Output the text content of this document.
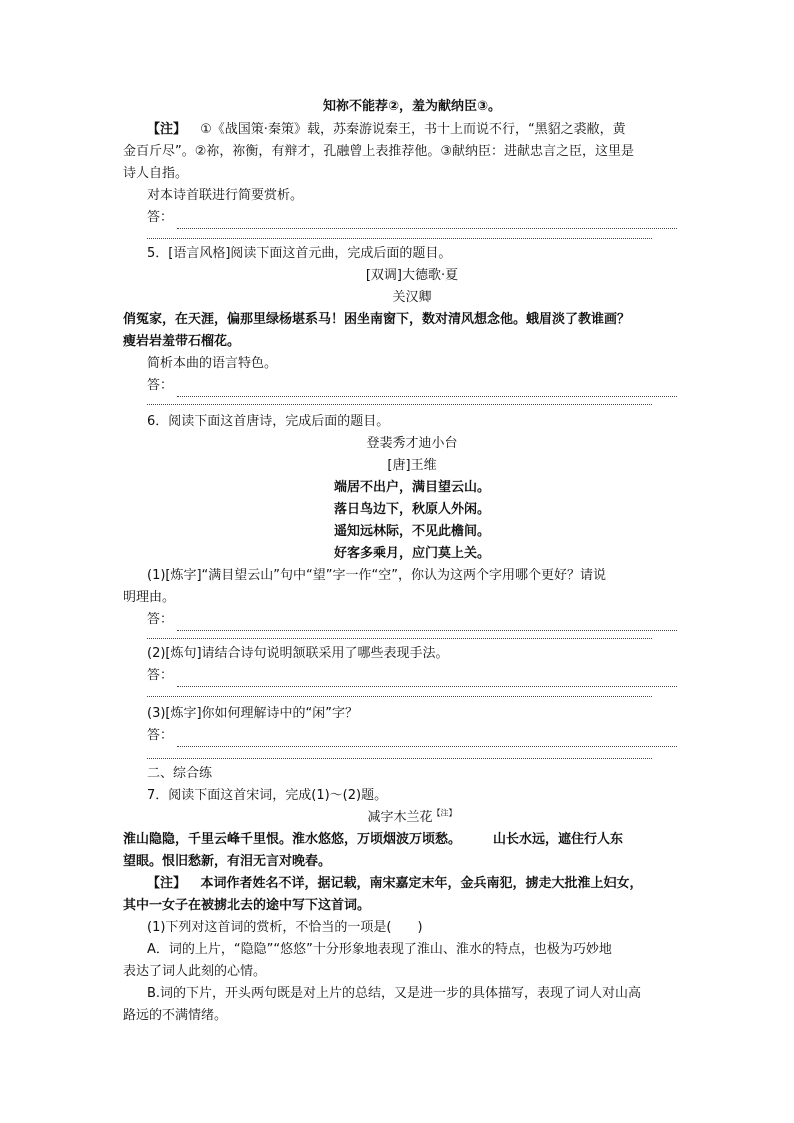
知祢不能荐②，羞为献纳臣③。
【注】 ①《战国策·秦策》载，苏秦游说秦王，书十上而说不行，“黑貂之裘敝，黄
金百斤尽”。②祢，祢衡，有辩才，孔融曾上表推荐他。③献纳臣：进献忠言之臣，这里是
诗人自指。
对本诗首联进行简要赏析。
答：
5．[语言风格]阅读下面这首元曲，完成后面的题目。
[双调]大德歌·夏
关汉卿
俏冤家，在天涯，偏那里绿杨堪系马！困坐南窗下，数对清风想念他。蛾眉淡了教谁画？
瘦岩岩羞带石榴花。
简析本曲的语言特色。
答：
6．阅读下面这首唐诗，完成后面的题目。
登裴秀才迪小台
[唐]王维
端居不出户，满目望云山。
落日鸟边下，秋原人外闲。
遥知远林际，不见此檐间。
好客多乘月，应门莫上关。
(1)[炼字]“满目望云山”句中“望”字一作“空”，你认为这两个字用哪个更好？请说
明理由。
答：
(2)[炼句]请结合诗句说明颔联采用了哪些表现手法。
答：
(3)[炼字]你如何理解诗中的“闲”字？
答：
二、综合练
7．阅读下面这首宋词，完成(1)～(2)题。
减字木兰花$^{【注】}$
淮山隐隐，千里云峰千里恨。淮水悠悠，万顷烟波万顷愁。 山长水远，遮住行人东
望眼。恨旧愁新，有泪无言对晚春。
【注】 本词作者姓名不详，据记载，南宋嘉定末年，金兵南犯，掳走大批淮上妇女，
其中一女子在被掳北去的途中写下这首词。
(1)下列对这首词的赏析，不恰当的一项是(　　)
A．词的上片，“隐隐”“悠悠”十分形象地表现了淮山、淮水的特点，也极为巧妙地
表达了词人此刻的心情。
B.词的下片，开头两句既是对上片的总结，又是进一步的具体描写，表现了词人对山高
路远的不满情绪。
